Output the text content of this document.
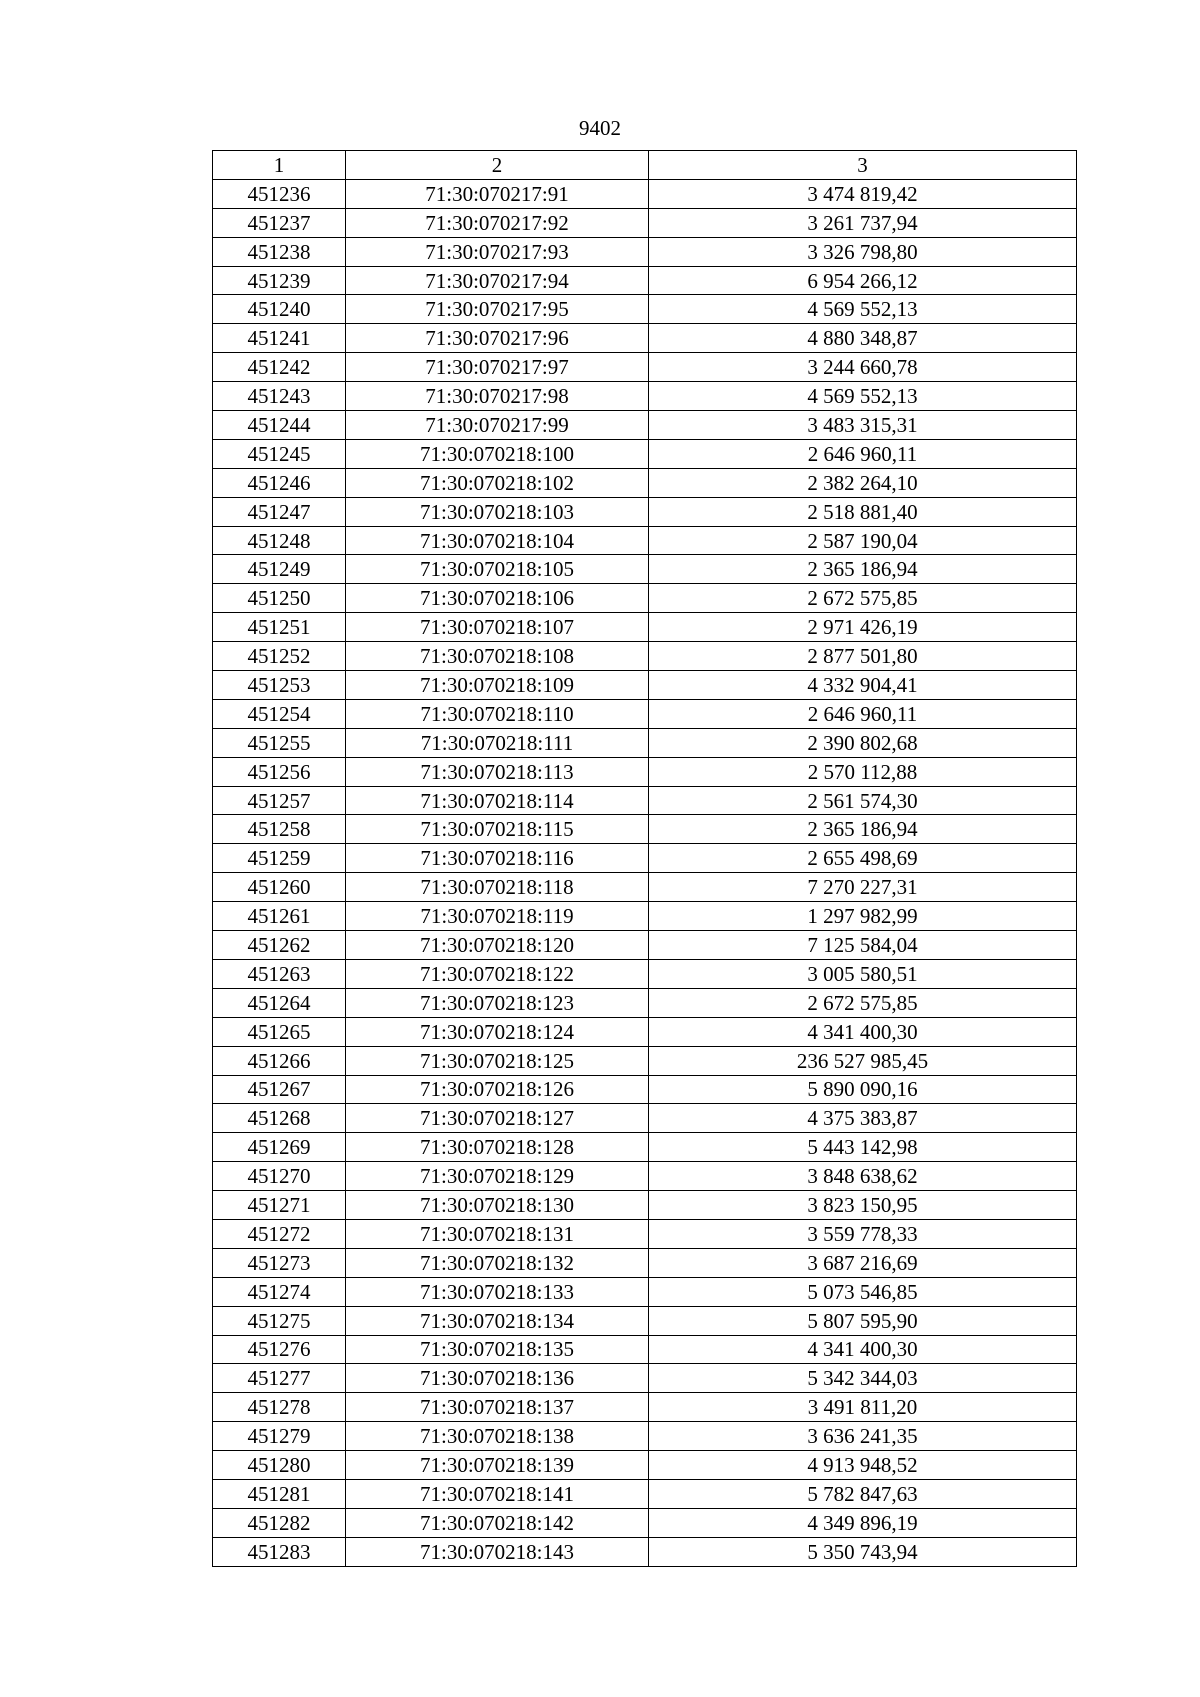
9402
1	2	3
451236	71:30:070217:91	3 474 819,42
451237	71:30:070217:92	3 261 737,94
451238	71:30:070217:93	3 326 798,80
451239	71:30:070217:94	6 954 266,12
451240	71:30:070217:95	4 569 552,13
451241	71:30:070217:96	4 880 348,87
451242	71:30:070217:97	3 244 660,78
451243	71:30:070217:98	4 569 552,13
451244	71:30:070217:99	3 483 315,31
451245	71:30:070218:100	2 646 960,11
451246	71:30:070218:102	2 382 264,10
451247	71:30:070218:103	2 518 881,40
451248	71:30:070218:104	2 587 190,04
451249	71:30:070218:105	2 365 186,94
451250	71:30:070218:106	2 672 575,85
451251	71:30:070218:107	2 971 426,19
451252	71:30:070218:108	2 877 501,80
451253	71:30:070218:109	4 332 904,41
451254	71:30:070218:110	2 646 960,11
451255	71:30:070218:111	2 390 802,68
451256	71:30:070218:113	2 570 112,88
451257	71:30:070218:114	2 561 574,30
451258	71:30:070218:115	2 365 186,94
451259	71:30:070218:116	2 655 498,69
451260	71:30:070218:118	7 270 227,31
451261	71:30:070218:119	1 297 982,99
451262	71:30:070218:120	7 125 584,04
451263	71:30:070218:122	3 005 580,51
451264	71:30:070218:123	2 672 575,85
451265	71:30:070218:124	4 341 400,30
451266	71:30:070218:125	236 527 985,45
451267	71:30:070218:126	5 890 090,16
451268	71:30:070218:127	4 375 383,87
451269	71:30:070218:128	5 443 142,98
451270	71:30:070218:129	3 848 638,62
451271	71:30:070218:130	3 823 150,95
451272	71:30:070218:131	3 559 778,33
451273	71:30:070218:132	3 687 216,69
451274	71:30:070218:133	5 073 546,85
451275	71:30:070218:134	5 807 595,90
451276	71:30:070218:135	4 341 400,30
451277	71:30:070218:136	5 342 344,03
451278	71:30:070218:137	3 491 811,20
451279	71:30:070218:138	3 636 241,35
451280	71:30:070218:139	4 913 948,52
451281	71:30:070218:141	5 782 847,63
451282	71:30:070218:142	4 349 896,19
451283	71:30:070218:143	5 350 743,94
